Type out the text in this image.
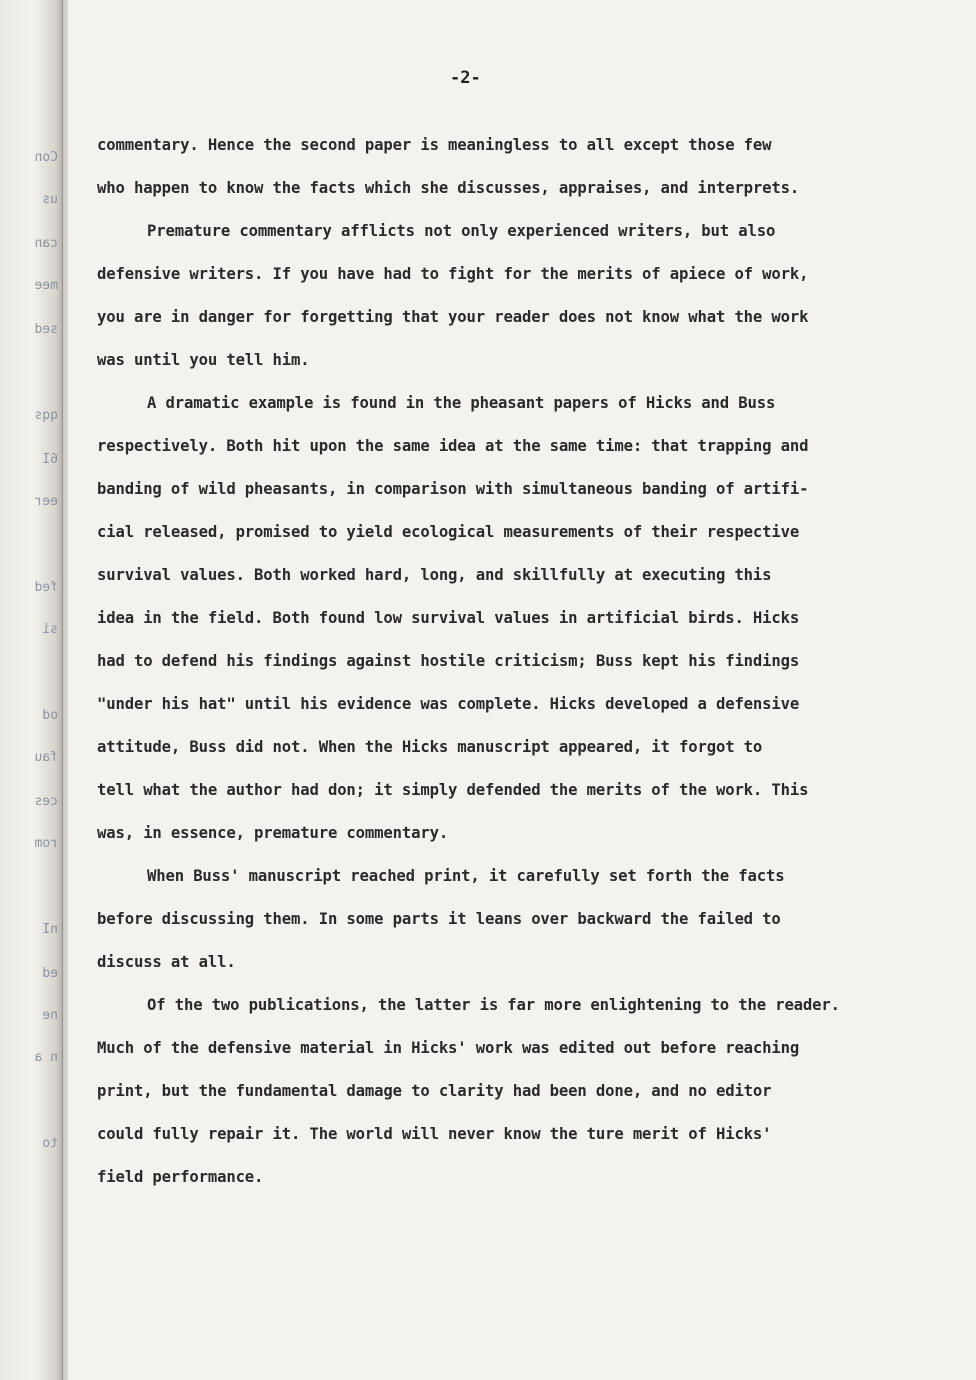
Con
us
can
mee
sed
qqs
6I
eer
fed
si
od
fau
ces
rom
nI
ed
ne
n a
to
-2-
commentary. Hence the second paper is meaningless to all except those few
who happen to know the facts which she discusses, appraises, and interprets.
Premature commentary afflicts not only experienced writers, but also
defensive writers. If you have had to fight for the merits of apiece of work,
you are in danger for forgetting that your reader does not know what the work
was until you tell him.
A dramatic example is found in the pheasant papers of Hicks and Buss
respectively. Both hit upon the same idea at the same time: that trapping and
banding of wild pheasants, in comparison with simultaneous banding of artifi-
cial released, promised to yield ecological measurements of their respective
survival values. Both worked hard, long, and skillfully at executing this
idea in the field. Both found low survival values in artificial birds. Hicks
had to defend his findings against hostile criticism; Buss kept his findings
"under his hat" until his evidence was complete. Hicks developed a defensive
attitude, Buss did not. When the Hicks manuscript appeared, it forgot to
tell what the author had don; it simply defended the merits of the work. This
was, in essence, premature commentary.
When Buss' manuscript reached print, it carefully set forth the facts
before discussing them. In some parts it leans over backward the failed to
discuss at all.
Of the two publications, the latter is far more enlightening to the reader.
Much of the defensive material in Hicks' work was edited out before reaching
print, but the fundamental damage to clarity had been done, and no editor
could fully repair it. The world will never know the ture merit of Hicks'
field performance.
